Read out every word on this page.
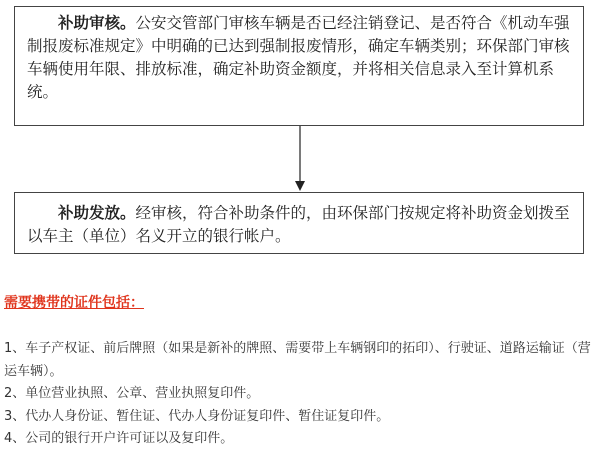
补助审核。公安交管部门审核车辆是否已经注销登记、是否符合《机动车强制报废标准规定》中明确的已达到强制报废情形，确定车辆类别；环保部门审核车辆使用年限、排放标准，确定补助资金额度，并将相关信息录入至计算机系统。

补助发放。经审核，符合补助条件的，由环保部门按规定将补助资金划拨至以车主（单位）名义开立的银行帐户。

需要携带的证件包括：
1、车子产权证、前后牌照（如果是新补的牌照、需要带上车辆钢印的拓印）、行驶证、道路运输证（营运车辆）。
2、单位营业执照、公章、营业执照复印件。
3、代办人身份证、暂住证、代办人身份证复印件、暂住证复印件。
4、公司的银行开户许可证以及复印件。
